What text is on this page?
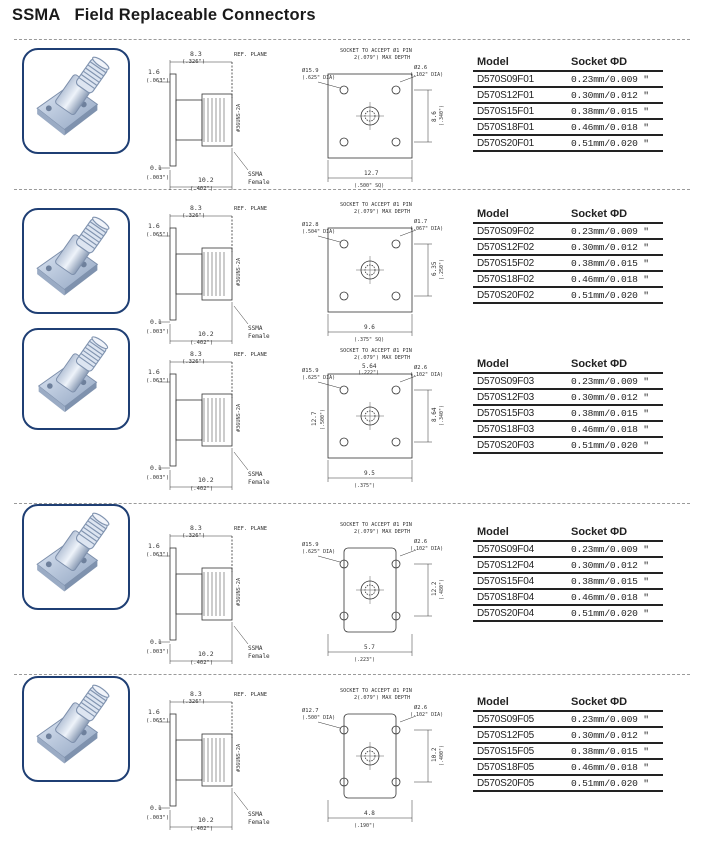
SSMA Field Replaceable Connectors
8.3
(.326")
REF. PLANE
1.6
(.063")
0.1
(.003")	10.2
(.402")
SSMA
Female
#36UNS-2A
SOCKET TO ACCEPT Ø1 PIN
2(.079") MAX DEPTH
Ø15.9
(.625" DIA)
Ø2.6
(.102" DIA)
8.6 (.340")
12.7
(.500" SQ)
Model	Socket ΦD
D570S09F01	0.23mm/0.009 "
D570S12F01	0.30mm/0.012 "
D570S15F01	0.38mm/0.015 "
D570S18F01	0.46mm/0.018 "
D570S20F01	0.51mm/0.020 "
8.3
(.326")
REF. PLANE
1.6
(.065")
0.1
(.003")	10.2
(.402")
SSMA
Female
#36UNS-2A
SOCKET TO ACCEPT Ø1 PIN
2(.079") MAX DEPTH
Ø12.8
(.504" DIA)
Ø1.7
(.067" DIA)
6.35 (.250")
9.6
(.375" SQ)
Model	Socket ΦD
D570S09F02	0.23mm/0.009 "
D570S12F02	0.30mm/0.012 "
D570S15F02	0.38mm/0.015 "
D570S18F02	0.46mm/0.018 "
D570S20F02	0.51mm/0.020 "
8.3
(.326")
REF. PLANE
1.6
(.063")
0.1
(.003")	10.2
(.402")
SSMA
Female
#36UNS-2A
SOCKET TO ACCEPT Ø1 PIN
2(.079") MAX DEPTH
Ø15.9
(.625" DIA)
Ø2.6
(.102" DIA)
8.64 (.340")
9.5
(.375")
5.64
(.222")
12.7 (.500")
Model	Socket ΦD
D570S09F03	0.23mm/0.009 "
D570S12F03	0.30mm/0.012 "
D570S15F03	0.38mm/0.015 "
D570S18F03	0.46mm/0.018 "
D570S20F03	0.51mm/0.020 "
8.3
(.326")
REF. PLANE
1.6
(.063")
0.1
(.003")	10.2
(.402")
SSMA
Female
#36UNS-2A
SOCKET TO ACCEPT Ø1 PIN
2(.079") MAX DEPTH
Ø15.9
(.625" DIA)
Ø2.6
(.102" DIA)
12.2 (.480")
5.7
(.223")
Model	Socket ΦD
D570S09F04	0.23mm/0.009 "
D570S12F04	0.30mm/0.012 "
D570S15F04	0.38mm/0.015 "
D570S18F04	0.46mm/0.018 "
D570S20F04	0.51mm/0.020 "
8.3
(.326")
REF. PLANE
1.6
(.065")
0.1
(.003")	10.2
(.402")
SSMA
Female
#36UNS-2A
SOCKET TO ACCEPT Ø1 PIN
2(.079") MAX DEPTH
Ø12.7
(.500" DIA)
Ø2.6
(.102" DIA)
10.2 (.400")
4.8
(.190")
Model	Socket ΦD
D570S09F05	0.23mm/0.009 "
D570S12F05	0.30mm/0.012 "
D570S15F05	0.38mm/0.015 "
D570S18F05	0.46mm/0.018 "
D570S20F05	0.51mm/0.020 "
